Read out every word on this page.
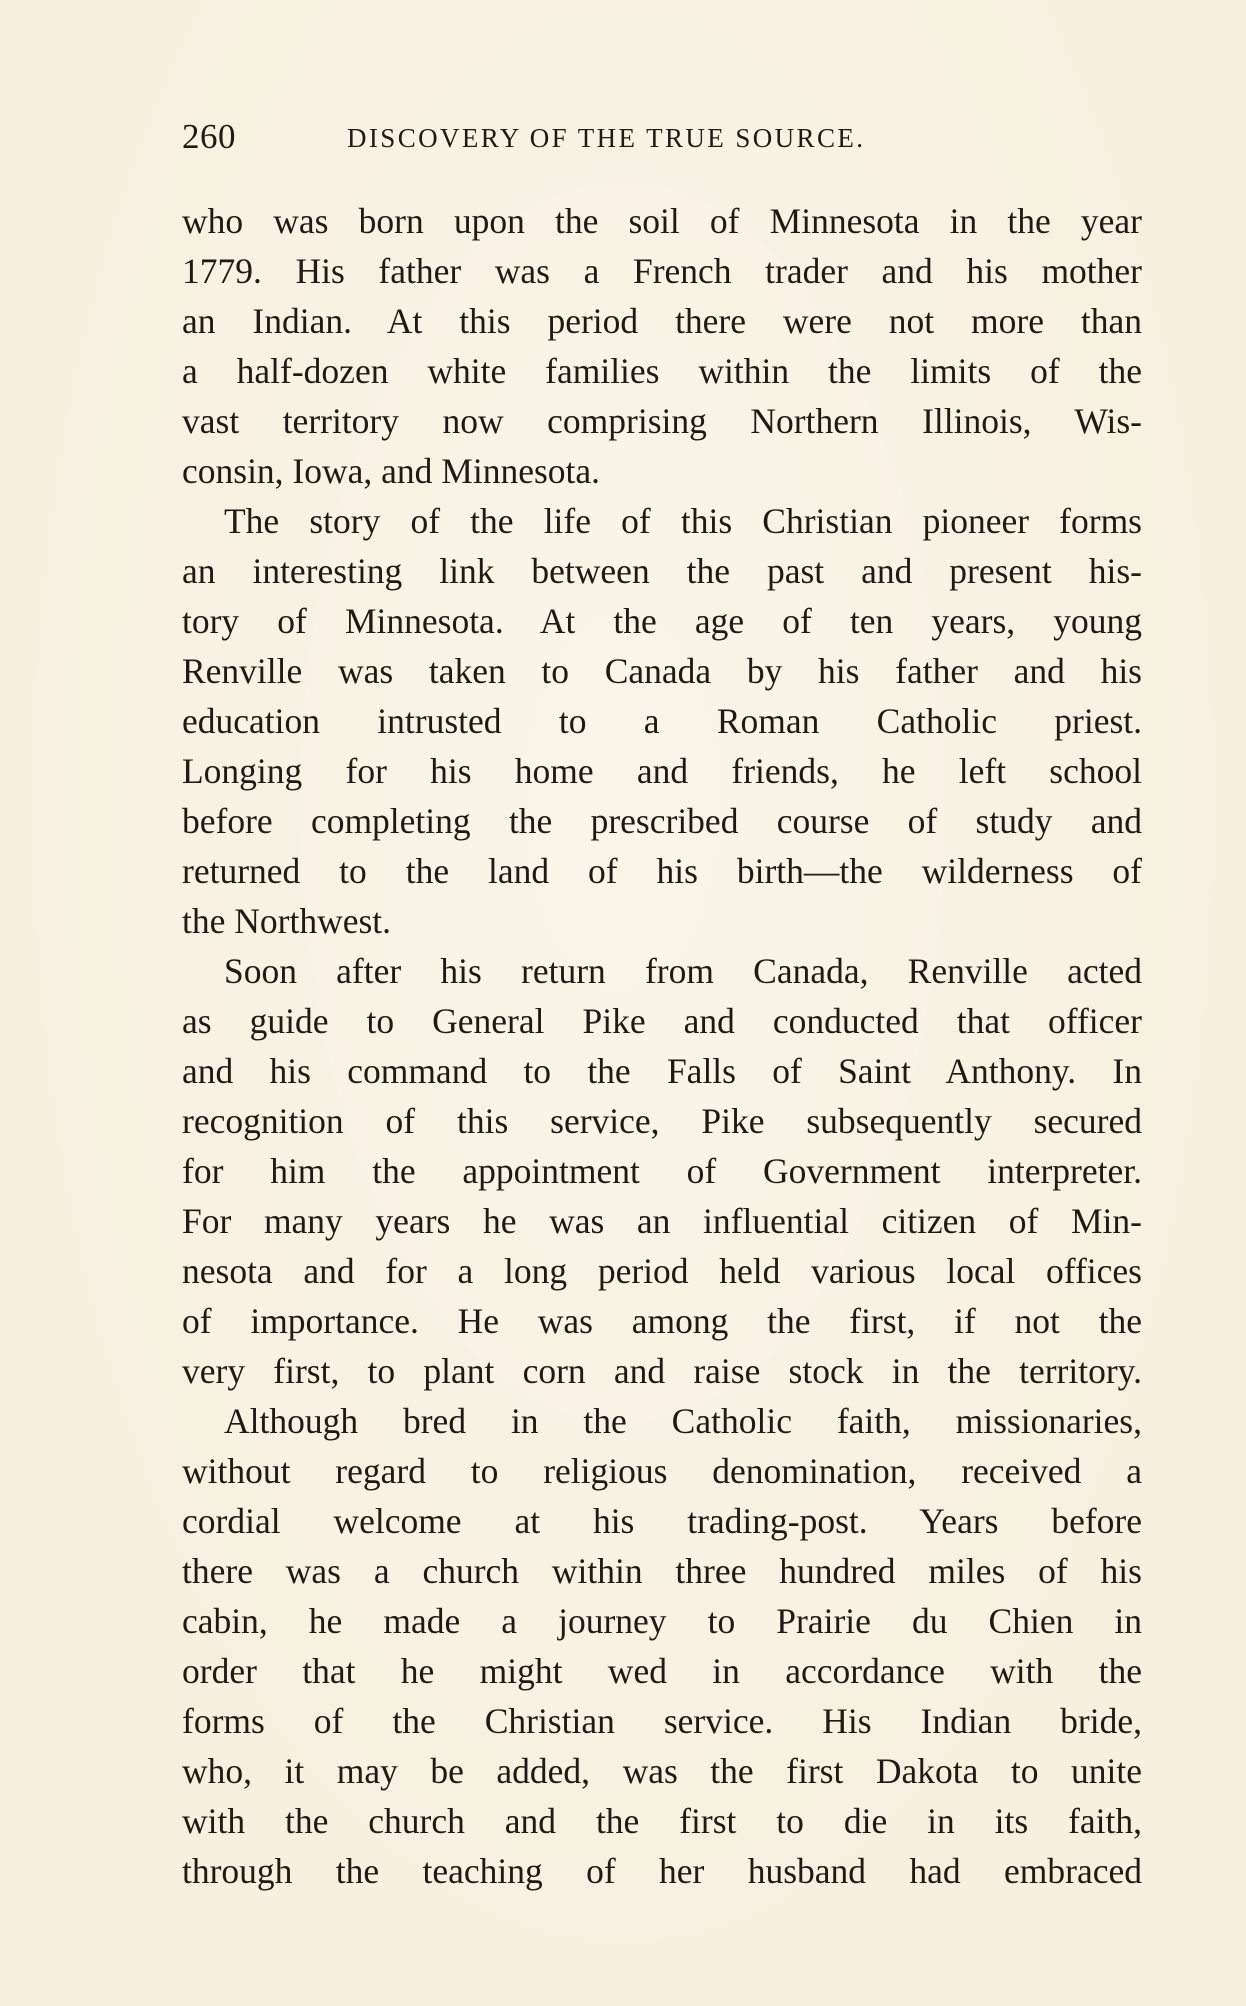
260	DISCOVERY OF THE TRUE SOURCE.
who was born upon the soil of Minnesota in the year
1779. His father was a French trader and his mother
an Indian. At this period there were not more than
a half-dozen white families within the limits of the
vast territory now comprising Northern Illinois, Wis-
consin, Iowa, and Minnesota.
The story of the life of this Christian pioneer forms
an interesting link between the past and present his-
tory of Minnesota. At the age of ten years, young
Renville was taken to Canada by his father and his
education intrusted to a Roman Catholic priest.
Longing for his home and friends, he left school
before completing the prescribed course of study and
returned to the land of his birth—the wilderness of
the Northwest.
Soon after his return from Canada, Renville acted
as guide to General Pike and conducted that officer
and his command to the Falls of Saint Anthony. In
recognition of this service, Pike subsequently secured
for him the appointment of Government interpreter.
For many years he was an influential citizen of Min-
nesota and for a long period held various local offices
of importance. He was among the first, if not the
very first, to plant corn and raise stock in the territory.
Although bred in the Catholic faith, missionaries,
without regard to religious denomination, received a
cordial welcome at his trading-post. Years before
there was a church within three hundred miles of his
cabin, he made a journey to Prairie du Chien in
order that he might wed in accordance with the
forms of the Christian service. His Indian bride,
who, it may be added, was the first Dakota to unite
with the church and the first to die in its faith,
through the teaching of her husband had embraced
